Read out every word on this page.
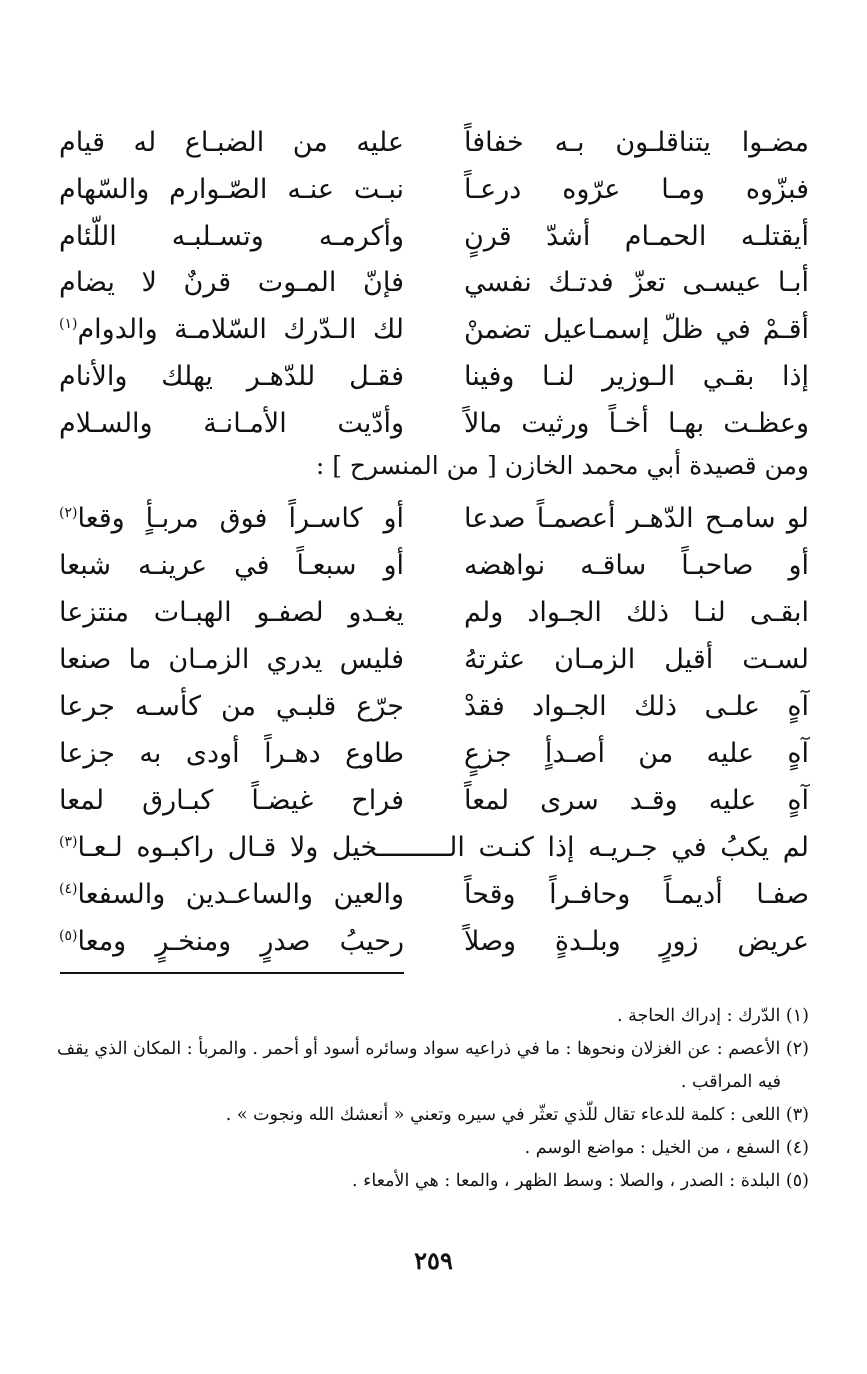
مضـوا يتناقلـون بـه خفافاً
عليه من الضبـاع له قيام
فبزّوه ومـا عرّوه درعـاً
نبـت عنـه الصّـوارم والسّهام
أيقتلـه الحمـام أشدّ قرنٍ
وأكرمـه وتسـلبـه اللّئام
أبـا عيسـى تعزّ فدتـك نفسي
فإنّ المـوت قرنٌ لا يضام
أقـمْ في ظلّ إسمـاعيل تضمنْ
لك الـدّرك السّلامـة والدوام$^{(١)}$
إذا بقـي الـوزير لنـا وفينا
فقـل للدّهـر يهلك والأنام
وعظـت بهـا أخـاً ورثيت مالاً
وأدّيت الأمـانـة والسـلام
ومن قصيدة أبي محمد الخازن [ من المنسرح ] :
لو سامـح الدّهـر أعصمـاً صدعا
أو كاسـراً فوق مربـأٍ وقعا$^{(٢)}$
أو صاحبـاً ساقـه نواهضه
أو سبعـاً في عرينـه شبعا
ابقـى لنـا ذلك الجـواد ولم
يغـدو لصفـو الهبـات منتزعا
لسـت أقيل الزمـان عثرتهُ
فليس يدري الزمـان ما صنعا
آهٍ علـى ذلك الجـواد فقدْ
جرّع قلبـي من كأسـه جرعا
آهٍ عليه من أصـدأٍ جزعٍ
طاوع دهـراً أودى به جزعا
آهٍ عليه وقـد سرى لمعاً
فراح غيضـاً كبـارق لمعا
لم يكبُ في جـريـه إذا كنـت الـــــــــخيل ولا قـال راكبـوه لـعـا$^{(٣)}$
صفـا أديمـاً وحافـراً وقحاً
والعين والساعـدين والسفعا$^{(٤)}$
عريض زورٍ وبلـدةٍ وصلاً
رحيبُ صدرٍ ومنخـرٍ ومعا$^{(٥)}$
(١) الدّرك : إدراك الحاجة .
(٢) الأعصم : عن الغزلان ونحوها : ما في ذراعيه سواد وسائره أسود أو أحمر . والمربأ : المكان الذي يقف فيه المراقب .
(٣) اللعى : كلمة للدعاء تقال للّذي تعثّر في سيره وتعني « أنعشك الله ونجوت » .
(٤) السفع ، من الخيل : مواضع الوسم .
(٥) البلدة : الصدر ، والصلا : وسط الظهر ، والمعا : هي الأمعاء .
٢٥٩
